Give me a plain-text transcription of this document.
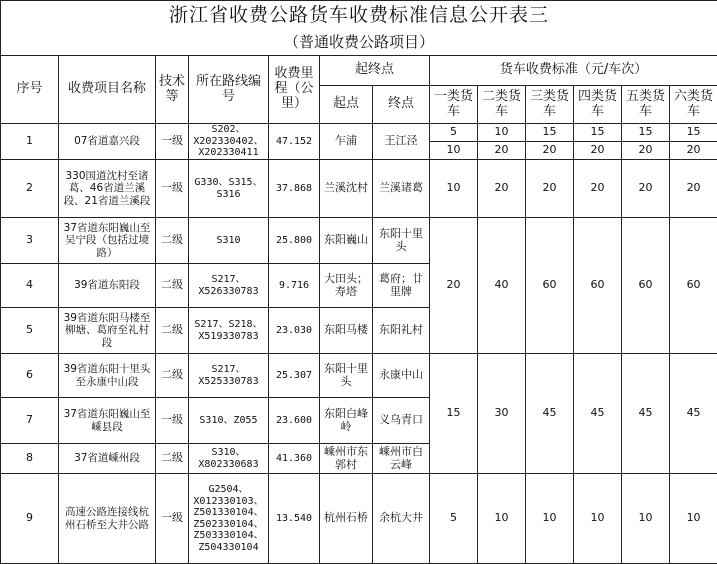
浙江省收费公路货车收费标准信息公开表三												
（普通收费公路项目）												
序号	收费项目名称	技术等	所在路线编号	收费里程（公里）	起终点		货车收费标准（元/车次）					
					起点	终点	一类货车	二类货车	三类货车	四类货车	五类货车	六类货车
1	07省道嘉兴段	一级	S202、X202330402、X202330411	47.152	乍浦	王江泾	5	10	15	15	15	15
							10	20	20	20	20	20
2	330国道沈村至诸葛、46省道兰溪段、21省道兰溪段	一级	G330、S315、S316	37.868	兰溪沈村	兰溪诸葛	10	20	20	20	20	20
3	37省道东阳巍山至吴宁段（包括过境路）	二级	S310	25.800	东阳巍山	东阳十里头	20	40	60	60	60	60
4	39省道东阳段	二级	S217、X526330783	9.716	大田头；寿塔	葛府；廿里牌						
5	39省道东阳马楼至柳塘、葛府至礼村段	二级	S217、S218、X519330783	23.030	东阳马楼	东阳礼村						
6	39省道东阳十里头至永康中山段	二级	S217、X525330783	25.307	东阳十里头	永康中山	15	30	45	45	45	45
7	37省道东阳巍山至嵊县段	一级	S310、Z055	23.600	东阳白峰岭	义乌青口						
8	37省道嵊州段	二级	S310、X802330683	41.360	嵊州市东郭村	嵊州市白云峰						
9	高速公路连接线杭州石桥至大井公路	一级	G2504、X012330103、Z501330104、Z502330104、Z503330104、Z504330104	13.540	杭州石桥	余杭大井	5	10	10	10	10	10
